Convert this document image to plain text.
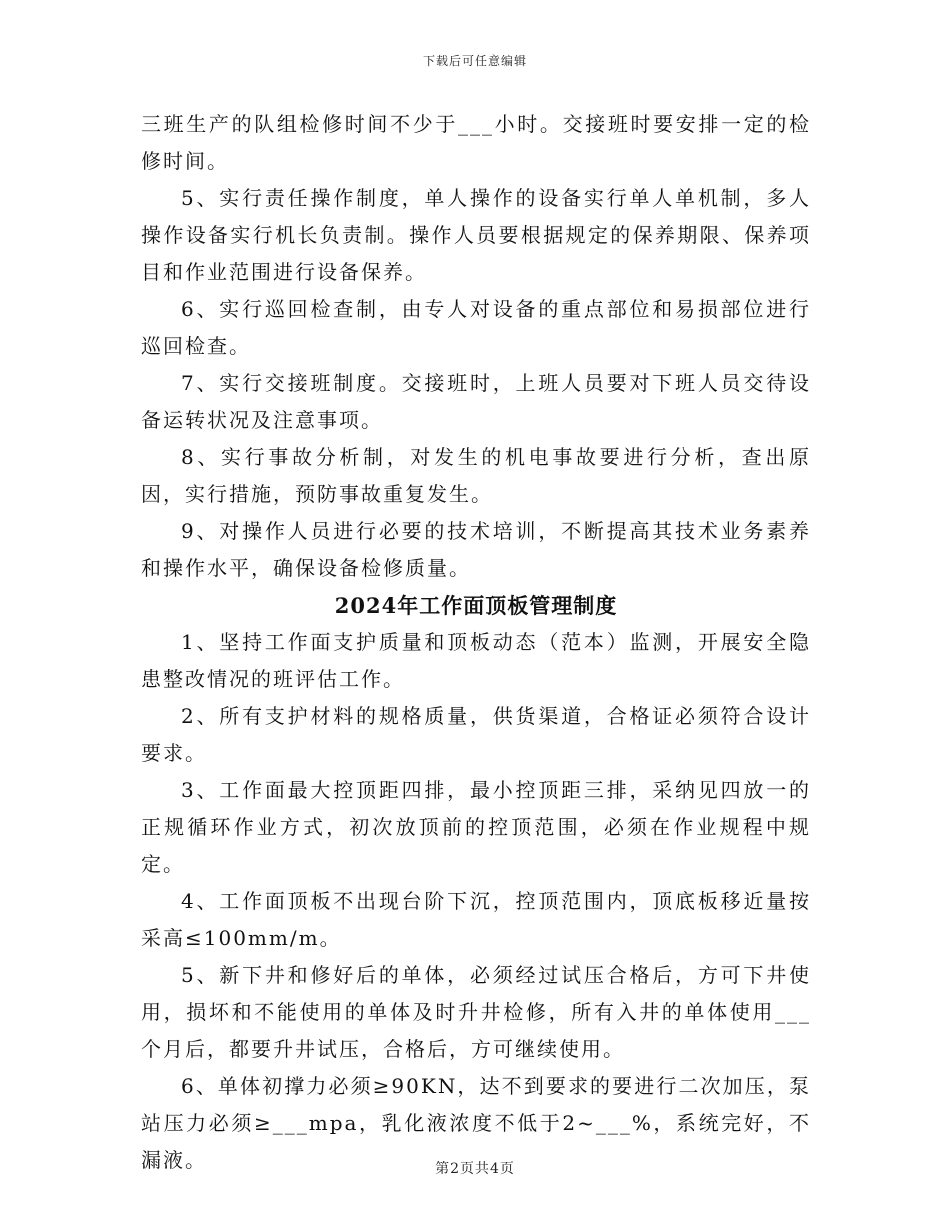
下载后可任意编辑

三班生产的队组检修时间不少于___小时。交接班时要安排一定的检修时间。

5、实行责任操作制度，单人操作的设备实行单人单机制，多人操作设备实行机长负责制。操作人员要根据规定的保养期限、保养项目和作业范围进行设备保养。

6、实行巡回检查制，由专人对设备的重点部位和易损部位进行巡回检查。

7、实行交接班制度。交接班时，上班人员要对下班人员交待设备运转状况及注意事项。

8、实行事故分析制，对发生的机电事故要进行分析，查出原因，实行措施，预防事故重复发生。

9、对操作人员进行必要的技术培训，不断提高其技术业务素养和操作水平，确保设备检修质量。

2024年工作面顶板管理制度

1、坚持工作面支护质量和顶板动态（范本）监测，开展安全隐患整改情况的班评估工作。

2、所有支护材料的规格质量，供货渠道，合格证必须符合设计要求。

3、工作面最大控顶距四排，最小控顶距三排，采纳见四放一的正规循环作业方式，初次放顶前的控顶范围，必须在作业规程中规定。

4、工作面顶板不出现台阶下沉，控顶范围内，顶底板移近量按采高≤100mm/m。

5、新下井和修好后的单体，必须经过试压合格后，方可下井使用，损坏和不能使用的单体及时升井检修，所有入井的单体使用___个月后，都要升井试压，合格后，方可继续使用。

6、单体初撑力必须≥90KN，达不到要求的要进行二次加压，泵站压力必须≥___mpa，乳化液浓度不低于2~___%，系统完好，不漏液。	第2页共4页
